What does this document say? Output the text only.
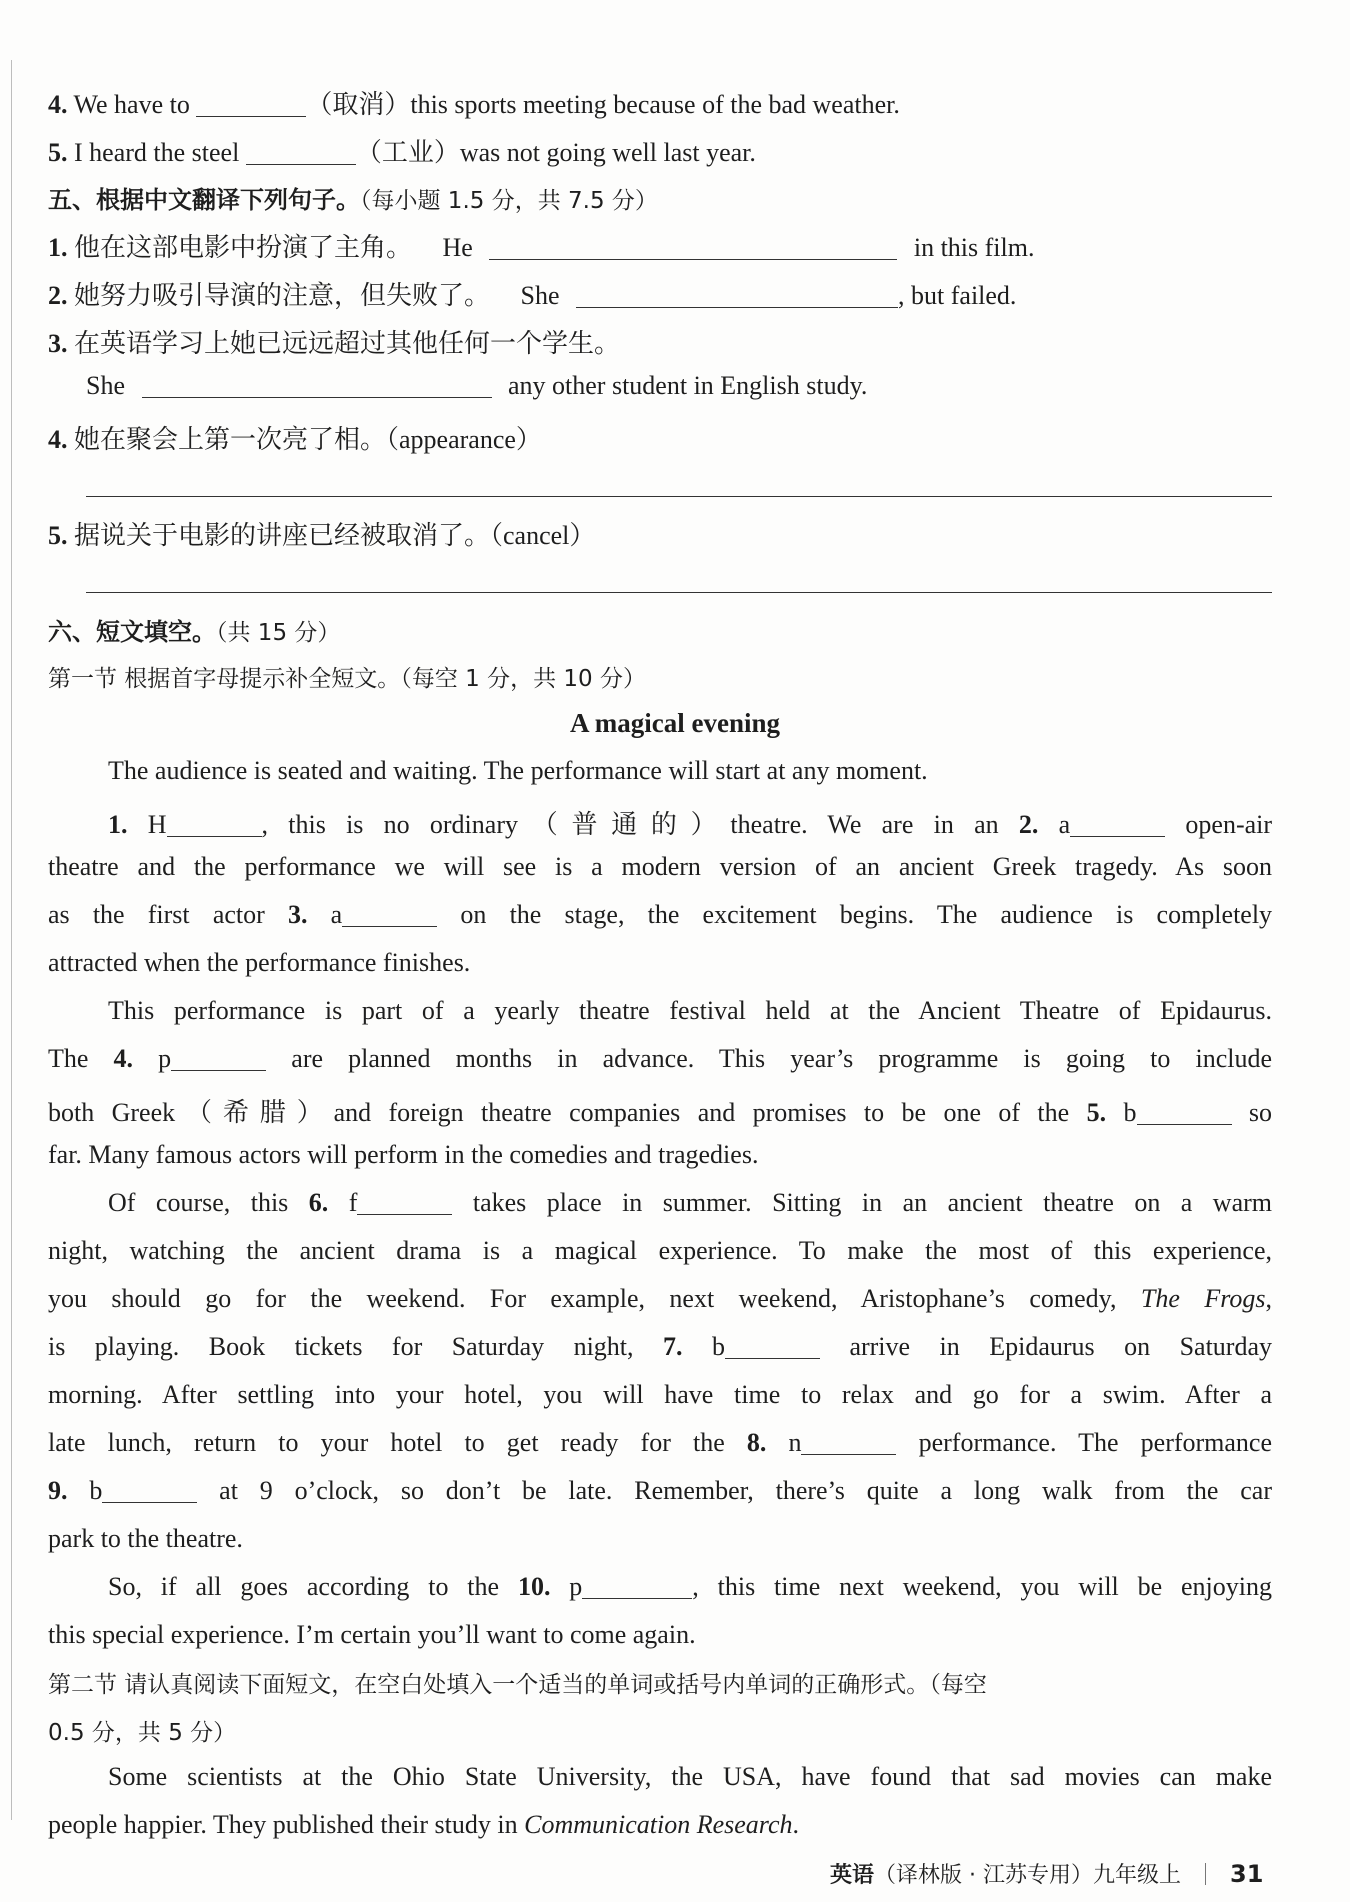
4. We have to	（取消）this sports meeting because of the bad weather.
5. I heard the steel	（工业）was not going well last year.
五、根据中文翻译下列句子。（每小题 1.5 分，共 7.5 分）
1. 他在这部电影中扮演了主角。 He	in this film.
2. 她努力吸引导演的注意，但失败了。 She	, but failed.
3. 在英语学习上她已远远超过其他任何一个学生。
She	any other student in English study.
4. 她在聚会上第一次亮了相。（appearance）
5. 据说关于电影的讲座已经被取消了。（cancel）
六、短文填空。（共 15 分）
第一节 根据首字母提示补全短文。（每空 1 分，共 10 分）
A magical evening
The audience is seated and waiting. The performance will start at any moment.
1. H	, this is no ordinary（普通的）theatre. We are in an 2. a	open-air
theatre and the performance we will see is a modern version of an ancient Greek tragedy. As soon
as the first actor 3. a	on the stage, the excitement begins. The audience is completely
attracted when the performance finishes.
This performance is part of a yearly theatre festival held at the Ancient Theatre of Epidaurus.
The 4. p	are planned months in advance. This year’s programme is going to include
both Greek（希腊）and foreign theatre companies and promises to be one of the 5. b	so
far. Many famous actors will perform in the comedies and tragedies.
Of course, this 6. f	takes place in summer. Sitting in an ancient theatre on a warm
night, watching the ancient drama is a magical experience. To make the most of this experience,
you should go for the weekend. For example, next weekend, Aristophane’s comedy, The Frogs,
is playing. Book tickets for Saturday night, 7. b	arrive in Epidaurus on Saturday
morning. After settling into your hotel, you will have time to relax and go for a swim. After a
late lunch, return to your hotel to get ready for the 8. n	performance. The performance
9. b	at 9 o’clock, so don’t be late. Remember, there’s quite a long walk from the car
park to the theatre.
So, if all goes according to the 10. p	, this time next weekend, you will be enjoying
this special experience. I’m certain you’ll want to come again.
第二节 请认真阅读下面短文，在空白处填入一个适当的单词或括号内单词的正确形式。（每空
0.5 分，共 5 分）
Some scientists at the Ohio State University, the USA, have found that sad movies can make
people happier. They published their study in Communication Research.
英语（译林版 · 江苏专用）九年级上 31
